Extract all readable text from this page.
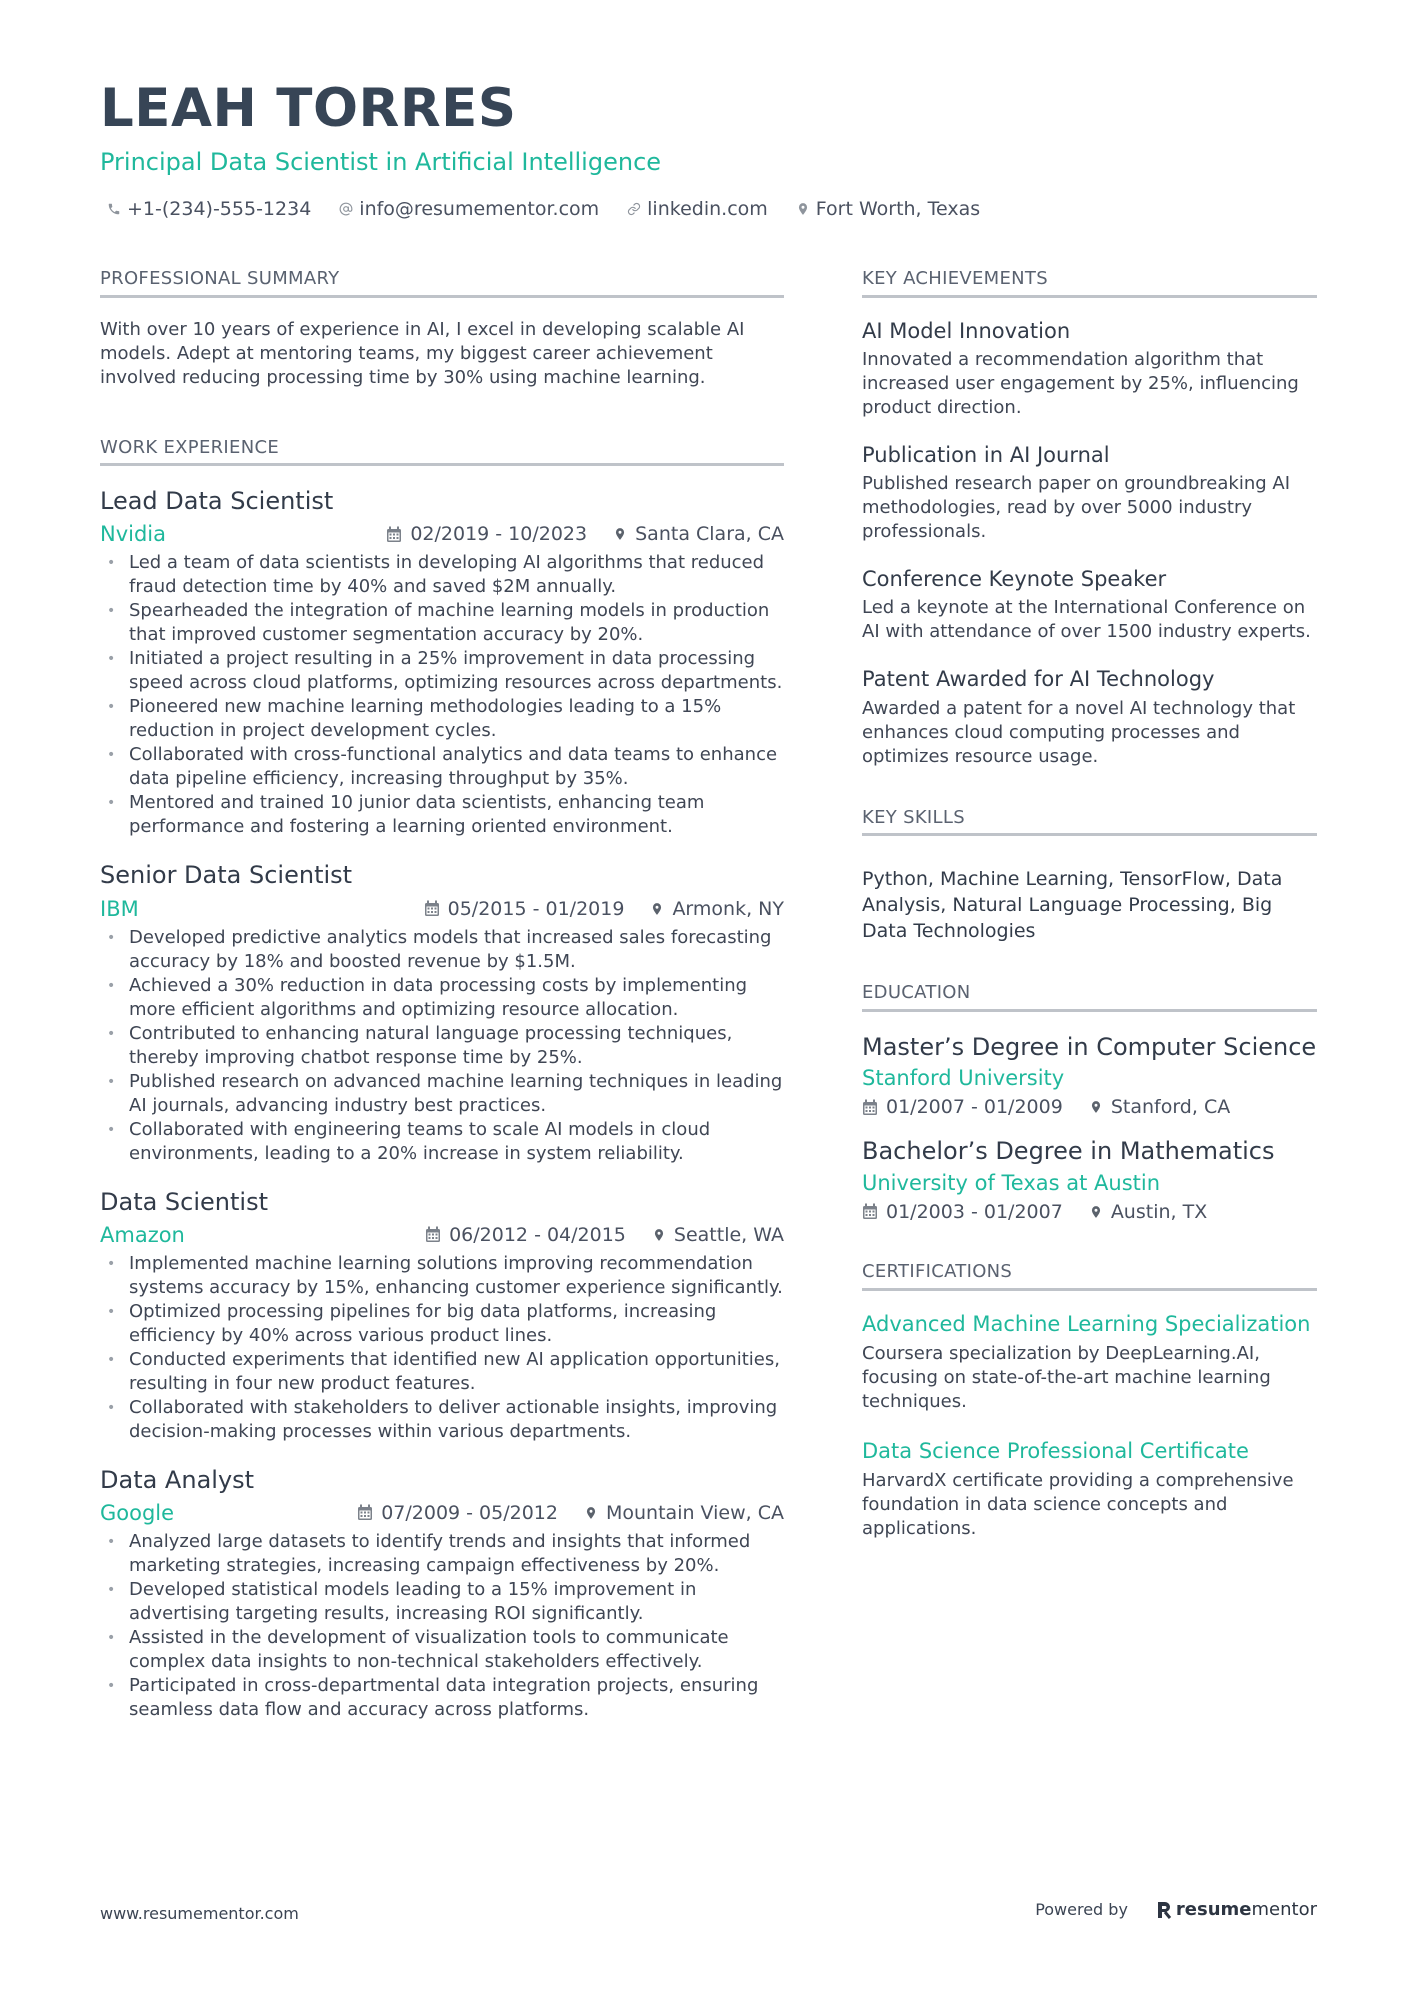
LEAH TORRES
Principal Data Scientist in Artificial Intelligence
+1-(234)-555-1234	info@resumementor.com	linkedin.com	Fort Worth, Texas
PROFESSIONAL SUMMARY

With over 10 years of experience in AI, I excel in developing scalable AI models. Adept at mentoring teams, my biggest career achievement involved reducing processing time by 30% using machine learning.

WORK EXPERIENCE
Lead Data Scientist
Nvidia	02/2019 - 10/2023	Santa Clara, CA
• Led a team of data scientists in developing AI algorithms that reduced fraud detection time by 40% and saved $2M annually.
• Spearheaded the integration of machine learning models in production that improved customer segmentation accuracy by 20%.
• Initiated a project resulting in a 25% improvement in data processing speed across cloud platforms, optimizing resources across departments.
• Pioneered new machine learning methodologies leading to a 15% reduction in project development cycles.
• Collaborated with cross-functional analytics and data teams to enhance data pipeline efficiency, increasing throughput by 35%.
• Mentored and trained 10 junior data scientists, enhancing team performance and fostering a learning oriented environment.
Senior Data Scientist
IBM	05/2015 - 01/2019	Armonk, NY
• Developed predictive analytics models that increased sales forecasting accuracy by 18% and boosted revenue by $1.5M.
• Achieved a 30% reduction in data processing costs by implementing more efficient algorithms and optimizing resource allocation.
• Contributed to enhancing natural language processing techniques, thereby improving chatbot response time by 25%.
• Published research on advanced machine learning techniques in leading AI journals, advancing industry best practices.
• Collaborated with engineering teams to scale AI models in cloud environments, leading to a 20% increase in system reliability.
Data Scientist
Amazon	06/2012 - 04/2015	Seattle, WA
• Implemented machine learning solutions improving recommendation systems accuracy by 15%, enhancing customer experience significantly.
• Optimized processing pipelines for big data platforms, increasing efficiency by 40% across various product lines.
• Conducted experiments that identified new AI application opportunities, resulting in four new product features.
• Collaborated with stakeholders to deliver actionable insights, improving decision-making processes within various departments.
Data Analyst
Google	07/2009 - 05/2012	Mountain View, CA
• Analyzed large datasets to identify trends and insights that informed marketing strategies, increasing campaign effectiveness by 20%.
• Developed statistical models leading to a 15% improvement in advertising targeting results, increasing ROI significantly.
• Assisted in the development of visualization tools to communicate complex data insights to non-technical stakeholders effectively.
• Participated in cross-departmental data integration projects, ensuring seamless data flow and accuracy across platforms.
KEY ACHIEVEMENTS
AI Model Innovation
Innovated a recommendation algorithm that increased user engagement by 25%, influencing product direction.
Publication in AI Journal
Published research paper on groundbreaking AI methodologies, read by over 5000 industry professionals.
Conference Keynote Speaker
Led a keynote at the International Conference on AI with attendance of over 1500 industry experts.
Patent Awarded for AI Technology
Awarded a patent for a novel AI technology that enhances cloud computing processes and optimizes resource usage.
KEY SKILLS
Python, Machine Learning, TensorFlow, Data Analysis, Natural Language Processing, Big Data Technologies
EDUCATION
Master’s Degree in Computer Science
Stanford University
01/2007 - 01/2009	Stanford, CA
Bachelor’s Degree in Mathematics
University of Texas at Austin
01/2003 - 01/2007	Austin, TX
CERTIFICATIONS
Advanced Machine Learning Specialization
Coursera specialization by DeepLearning.AI, focusing on state-of-the-art machine learning techniques.
Data Science Professional Certificate
HarvardX certificate providing a comprehensive foundation in data science concepts and applications.
www.resumementor.com	Powered by	resume mentor
